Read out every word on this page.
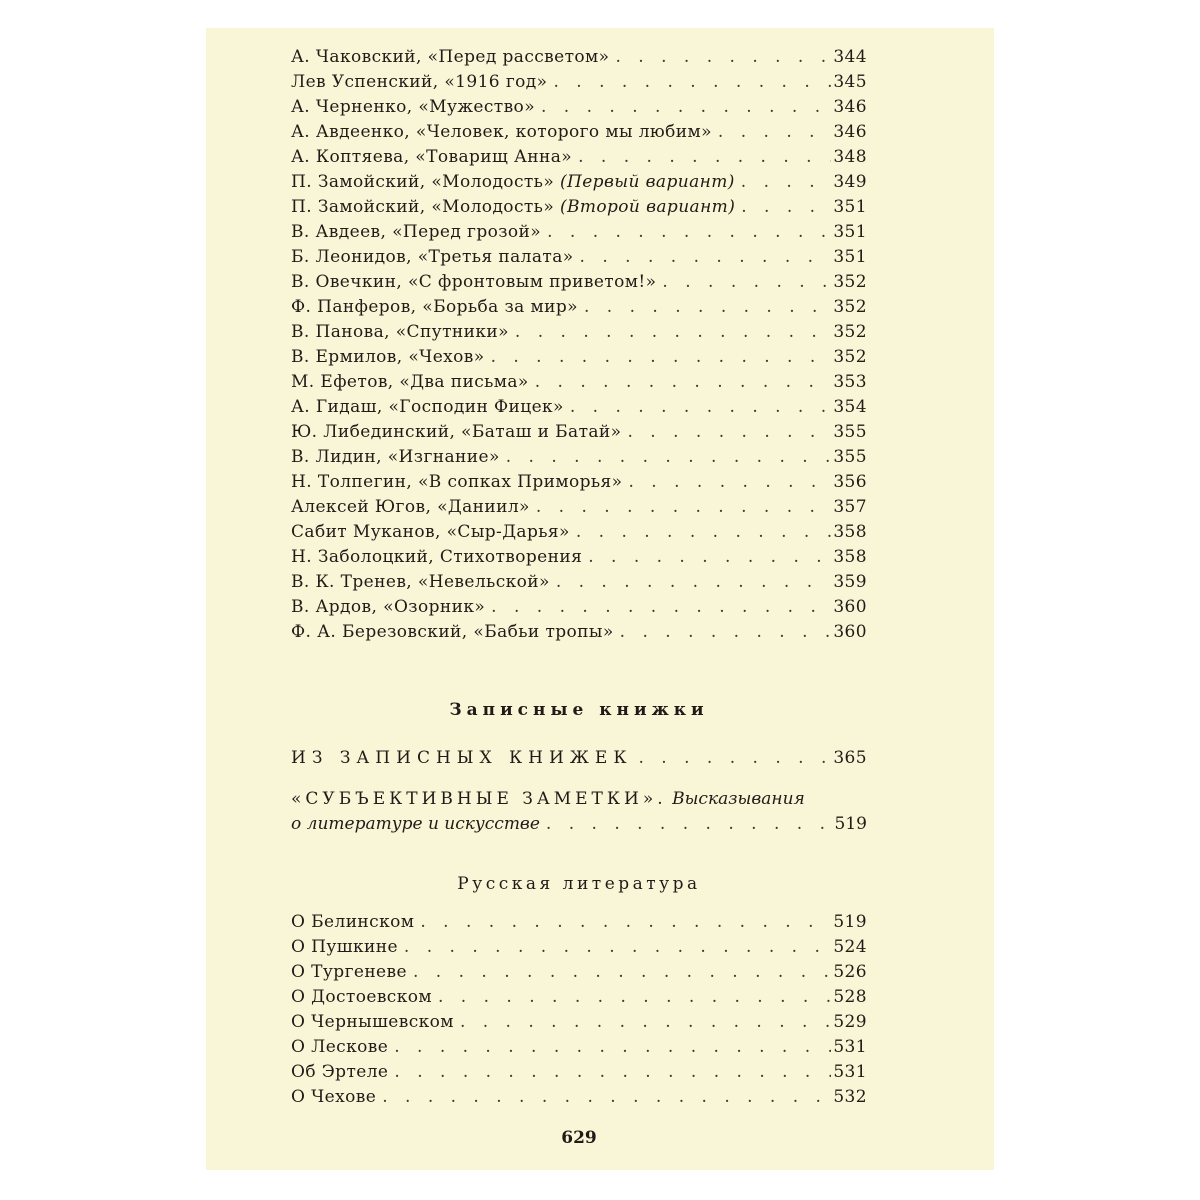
А. Чаковский, «Перед рассветом» . . .	344
Лев Успенский, «1916 год» . . .	345
А. Черненко, «Мужество» . . .	346
А. Авдеенко, «Человек, которого мы любим» . . .	346
А. Коптяева, «Товарищ Анна» . . .	348
П. Замойский, «Молодость»
(Первый вариант) . . .	349
П. Замойский, «Молодость»
(Второй вариант) . . .	351
В. Авдеев, «Перед грозой» . . .	351
Б. Леонидов, «Третья палата» . . .	351
В. Овечкин, «С фронтовым приветом!» . . .	352
Ф. Панферов, «Борьба за мир» . . .	352
В. Панова, «Спутники» . . .	352
В. Ермилов, «Чехов» . . .	352
М. Ефетов, «Два письма» . . .	353
А. Гидаш, «Господин Фицек» . . .	354
Ю. Либединский, «Баташ и Батай» . . .	355
В. Лидин, «Изгнание» . . .	355
Н. Толпегин, «В сопках Приморья» . . .	356
Алексей Югов, «Даниил» . . .	357
Сабит Муканов, «Сыр-Дарья» . . .	358
Н. Заболоцкий, Стихотворения . . .	358
В. К. Тренев, «Невельской» . . .	359
В. Ардов, «Озорник» . . .	360
Ф. А. Березовский, «Бабьи тропы» . . .	360
Записные книжки
ИЗ ЗАПИСНЫХ КНИЖЕК . . .	365
«СУБЪЕКТИВНЫЕ ЗАМЕТКИ». Высказывания
о литературе и искусстве . . .	519
Русская литература
О Белинском . . .	519
О Пушкине . . .	524
О Тургеневе . . .	526
О Достоевском . . .	528
О Чернышевском . . .	529
О Лескове . . .	531
Об Эртеле . . .	531
О Чехове . . .	532
629
